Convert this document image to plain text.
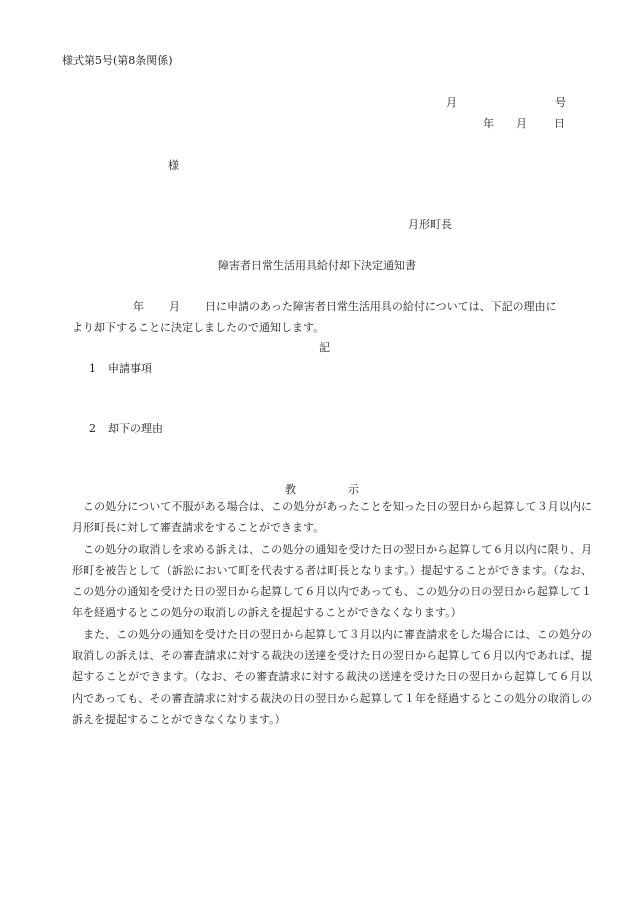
様式第5号(第8条関係)
月	号
年 月 日
様
月形町長
障害者日常生活用具給付却下決定通知書
年 月 日に申請のあった障害者日常生活用具の給付については、下記の理由に
より却下することに決定しましたので通知します。
記
1 申請事項
2 却下の理由
教	示

この処分について不服がある場合は、この処分があったことを知った日の翌日から起算して３月以内に月形町長に対して審査請求をすることができます。

この処分の取消しを求める訴えは、この処分の通知を受けた日の翌日から起算して６月以内に限り、月形町を被告として（訴訟において町を代表する者は町長となります。）提起することができます。（なお、この処分の通知を受けた日の翌日から起算して６月以内であっても、この処分の日の翌日から起算して１年を経過するとこの処分の取消しの訴えを提起することができなくなります。）

また、この処分の通知を受けた日の翌日から起算して３月以内に審査請求をした場合には、この処分の取消しの訴えは、その審査請求に対する裁決の送達を受けた日の翌日から起算して６月以内であれば、提起することができます。（なお、その審査請求に対する裁決の送達を受けた日の翌日から起算して６月以内であっても、その審査請求に対する裁決の日の翌日から起算して１年を経過するとこの処分の取消しの訴えを提起することができなくなります。）
